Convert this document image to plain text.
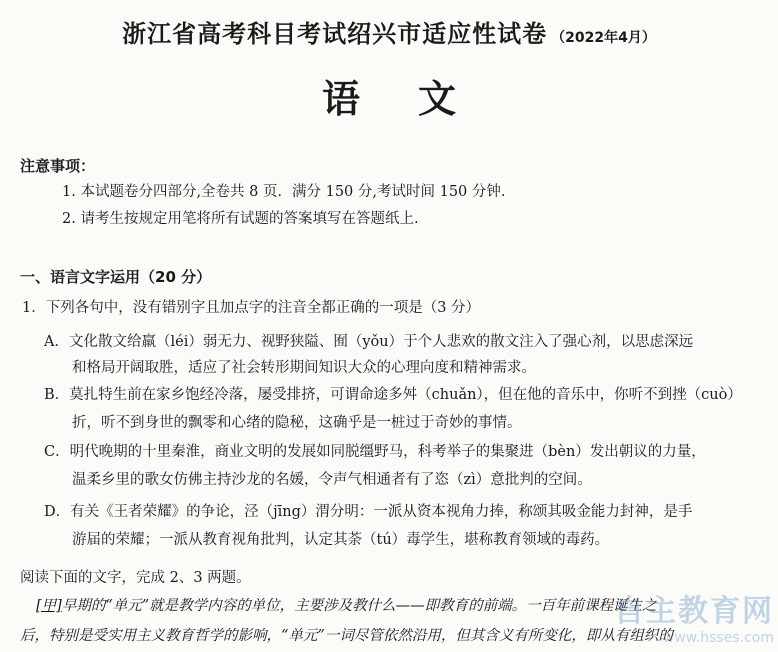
浙江省高考科目考试绍兴市适应性试卷 （2022年4月）
语文
注意事项：
1. 本试题卷分四部分,全卷共 8 页．满分 150 分,考试时间 150 分钟.
2. 请考生按规定用笔将所有试题的答案填写在答题纸上.
一、语言文字运用（20 分）
1．下列各句中，没有错别字且加点字的注音全都正确的一项是（3 分）
A．文化散文给羸（léi）弱无力、视野狭隘、囿（yǒu）于个人悲欢的散文注入了强心剂，以思虑深远
和格局开阔取胜，适应了社会转形期间知识大众的心理向度和精神需求。
B．莫扎特生前在家乡饱经冷落，屡受排挤，可谓命途多舛（chuǎn），但在他的音乐中，你听不到挫（cuò）
折，听不到身世的飘零和心绪的隐秘，这确乎是一桩过于奇妙的事情。
C．明代晚期的十里秦淮，商业文明的发展如同脱缰野马，科考举子的集聚进（bèn）发出朝议的力量，
温柔乡里的歌女仿佛主持沙龙的名媛，令声气相通者有了恣（zì）意批判的空间。
D．有关《王者荣耀》的争论，泾（jīng）渭分明：一派从资本视角力捧，称颂其吸金能力封神，是手
游届的荣耀；一派从教育视角批判，认定其荼（tú）毒学生，堪称教育领域的毒药。
阅读下面的文字，完成 2、3 两题。
[甲]早期的“单元”就是教学内容的单位，主要涉及教什么——即教育的前端。一百年前课程诞生之
后，特别是受实用主义教育哲学的影响，“单元”一词尽管依然沿用，但其含义有所变化，即从有组织的
自主教育网
www.hsses.com
